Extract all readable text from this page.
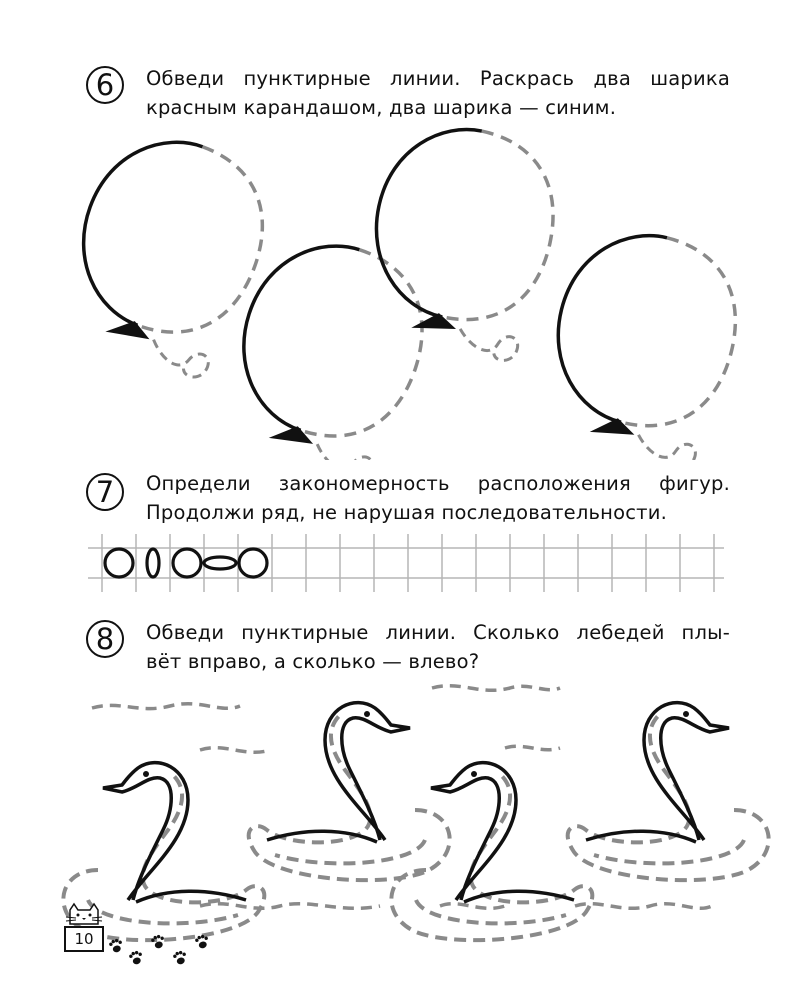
6 Обведи пунктирные линии. Раскрась два шарика
красным карандашом, два шарика — синим.
7 Определи закономерность расположения фигур.
Продолжи ряд, не нарушая последовательности.
8 Обведи пунктирные линии. Сколько лебедей плы-
вёт вправо, а сколько — влево?
10
